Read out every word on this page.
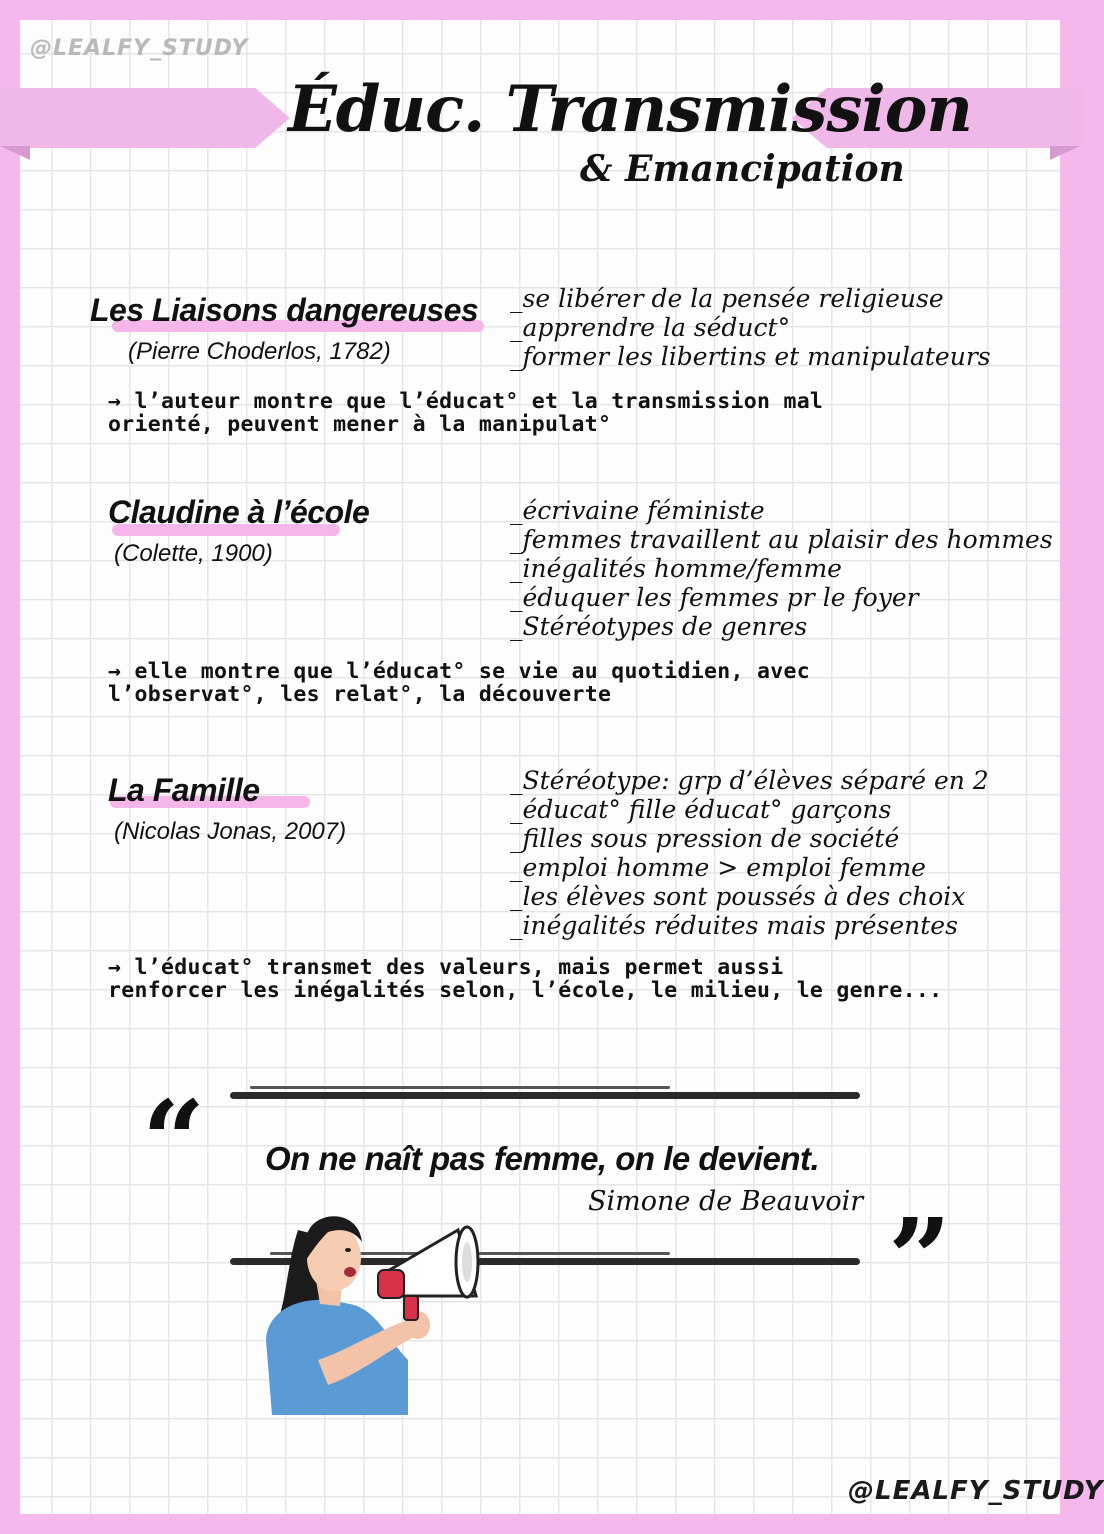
@LEALFY_STUDY
Éduc. Transmission
& Emancipation
Les Liaisons dangereuses
(Pierre Choderlos, 1782)
_se libérer de la pensée religieuse
_apprendre la séduct°
_former les libertins et manipulateurs
→ l’auteur montre que l’éducat° et la transmission mal
orienté, peuvent mener à la manipulat°
Claudine à l’école
(Colette, 1900)
_écrivaine féministe
_femmes travaillent au plaisir des hommes
_inégalités homme/femme
_éduquer les femmes pr le foyer
_Stéréotypes de genres
→ elle montre que l’éducat° se vie au quotidien, avec
l’observat°, les relat°, la découverte
La Famille
(Nicolas Jonas, 2007)
_Stéréotype: grp d’élèves séparé en 2
_éducat° fille éducat° garçons
_filles sous pression de société
_emploi homme > emploi femme
_les élèves sont poussés à des choix
_inégalités réduites mais présentes
→ l’éducat° transmet des valeurs, mais permet aussi
renforcer les inégalités selon, l’école, le milieu, le genre...
“ On ne naît pas femme, on le devient.
Simone de Beauvoir ”
@LEALFY_STUDY
